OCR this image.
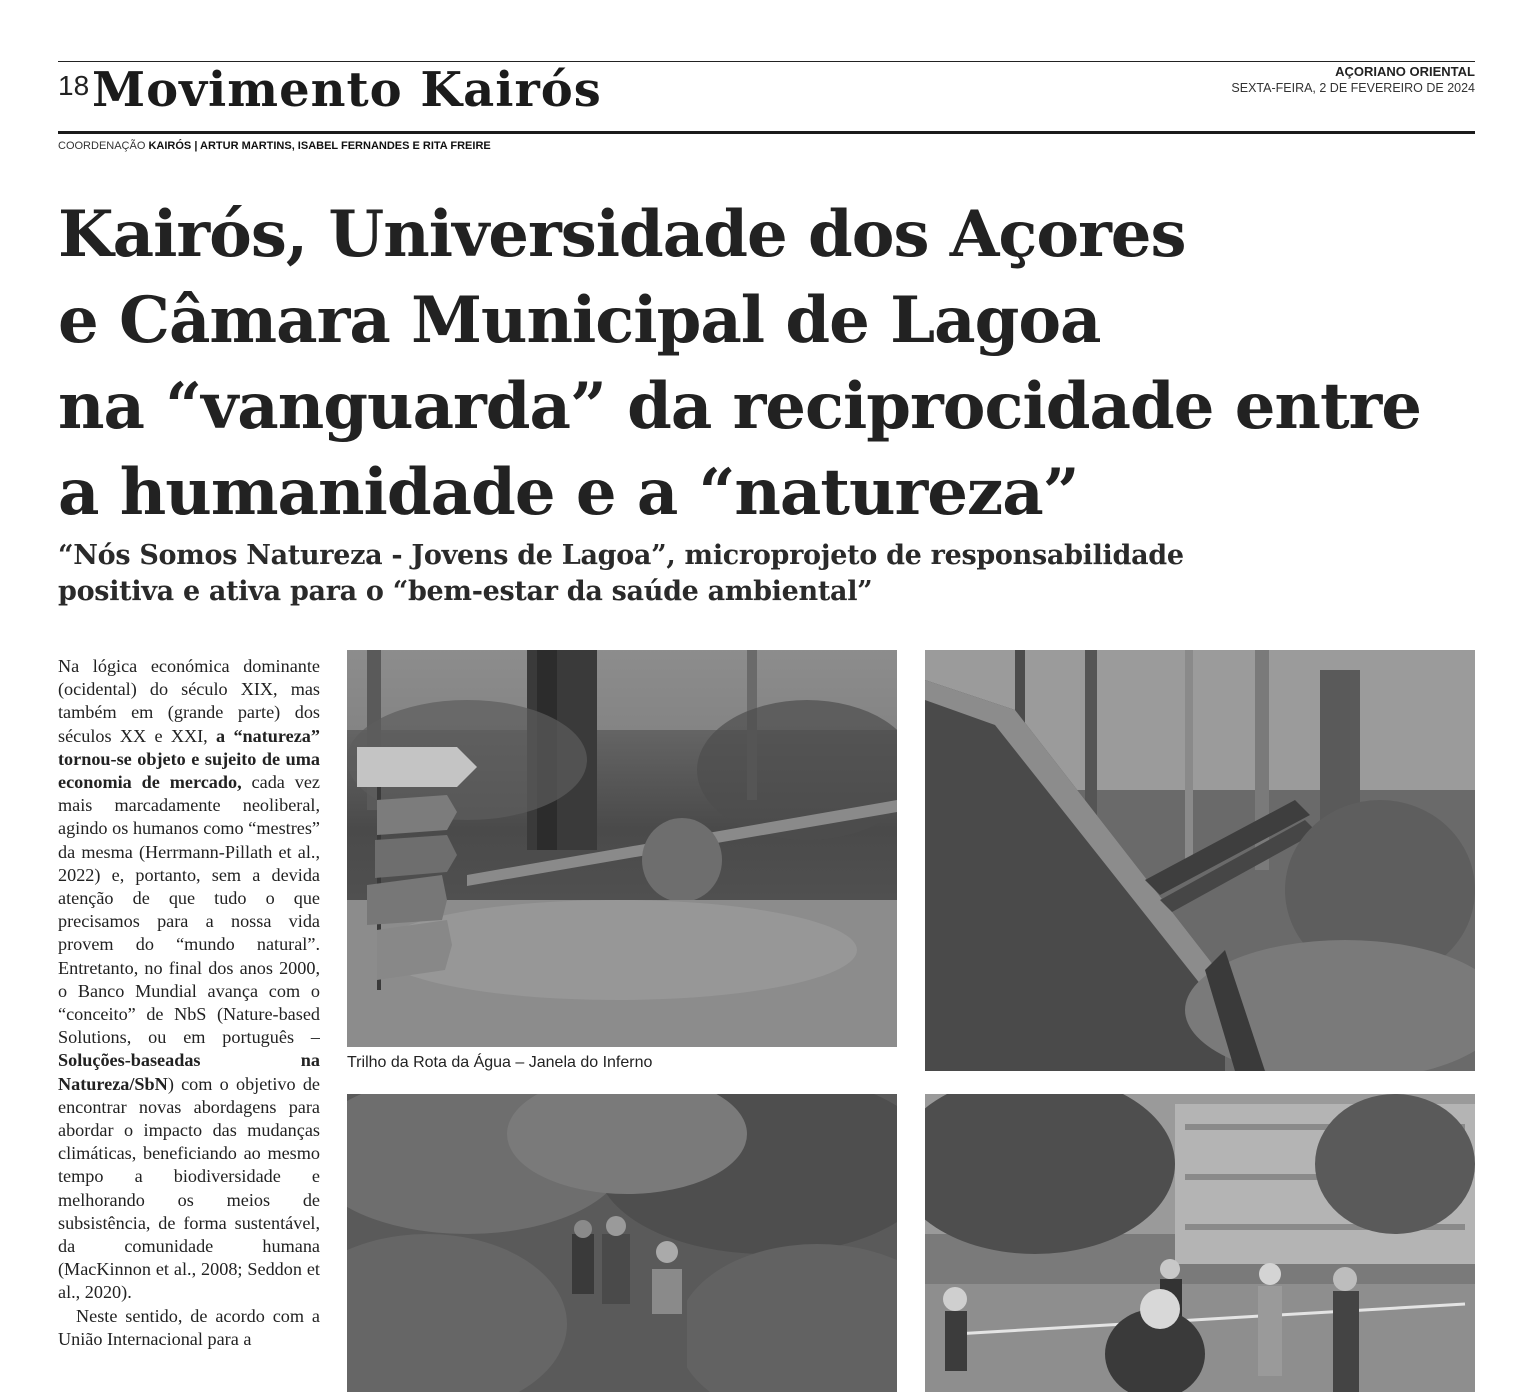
18 Movimento Kairós	AÇORIANO ORIENTAL
SEXTA-FEIRA, 2 DE FEVEREIRO DE 2024
COORDENAÇÃO KAIRÓS | ARTUR MARTINS, ISABEL FERNANDES E RITA FREIRE
Kairós, Universidade dos Açores
e Câmara Municipal de Lagoa
na “vanguarda” da reciprocidade entre
a humanidade e a “natureza”
“Nós Somos Natureza - Jovens de Lagoa”, microprojeto de responsabilidade
positiva e ativa para o “bem-estar da saúde ambiental”

Na lógica económica dominante (ocidental) do século XIX, mas também em (grande parte) dos séculos XX e XXI, a “natureza” tornou-se objeto e sujeito de uma economia de mercado, cada vez mais marcadamente neoliberal, agindo os humanos como “mestres” da mesma (Herrmann-Pillath et al., 2022) e, portanto, sem a devida atenção de que tudo o que precisamos para a nossa vida provem do “mundo natural”. Entretanto, no final dos anos 2000, o Banco Mundial avança com o “conceito” de NbS (Nature-based Solutions, ou em português – Soluções-baseadas na Natureza/SbN) com o objetivo de encontrar novas abordagens para abordar o impacto das mudanças climáticas, beneficiando ao mesmo tempo a biodiversidade e melhorando os meios de subsistência, de forma sustentável, da comunidade humana (MacKinnon et al., 2008; Seddon et al., 2020).

Neste sentido, de acordo com a União Internacional para a

Trilho da Rota da Água – Janela do Inferno
